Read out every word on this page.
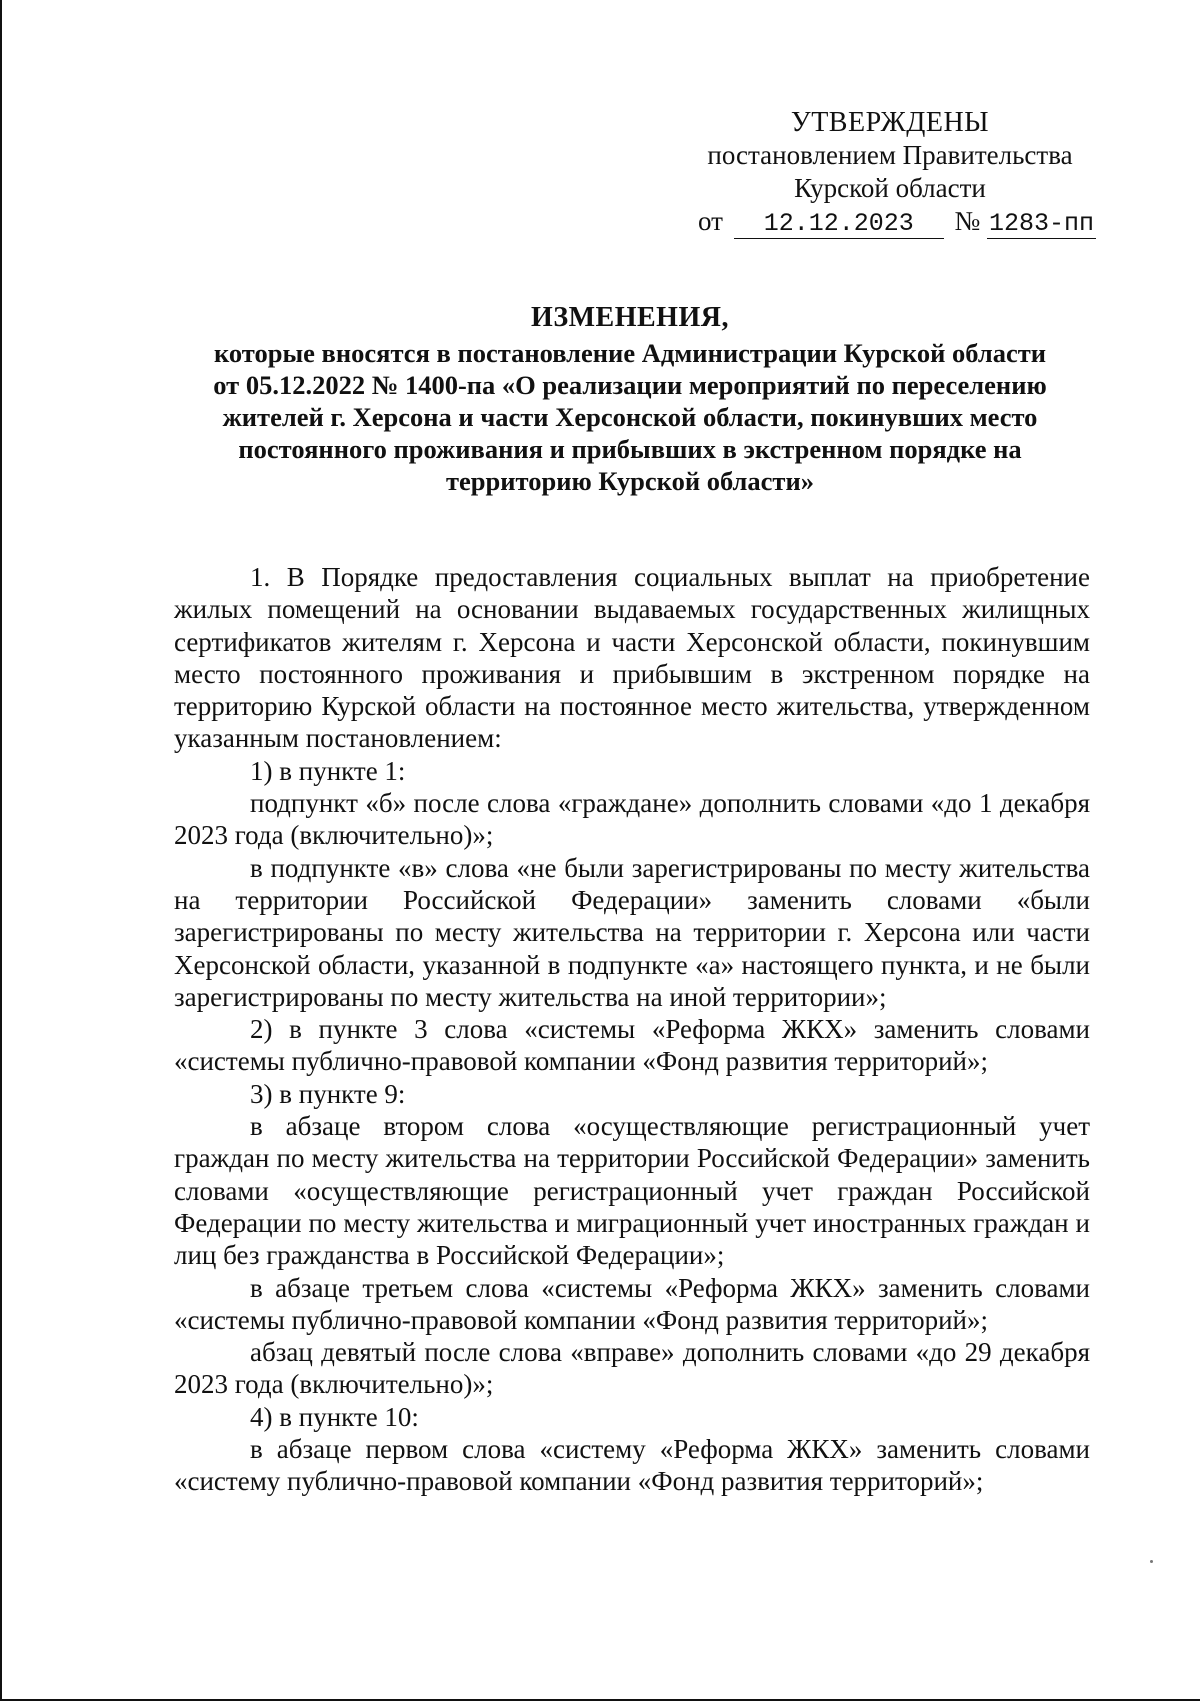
УТВЕРЖДЕНЫ
постановлением Правительства
Курской области
от 12.12.2023 № 1283-пп
ИЗМЕНЕНИЯ,
которые вносятся в постановление Администрации Курской области
от 05.12.2022 № 1400-па «О реализации мероприятий по переселению
жителей г. Херсона и части Херсонской области, покинувших место
постоянного проживания и прибывших в экстренном порядке на
территорию Курской области»

1. В Порядке предоставления социальных выплат на приобретение жилых помещений на основании выдаваемых государственных жилищных сертификатов жителям г. Херсона и части Херсонской области, покинувшим место постоянного проживания и прибывшим в экстренном порядке на территорию Курской области на постоянное место жительства, утвержденном указанным постановлением:

1) в пункте 1:

подпункт «б» после слова «граждане» дополнить словами «до 1 декабря 2023 года (включительно)»;

в подпункте «в» слова «не были зарегистрированы по месту жительства на территории Российской Федерации» заменить словами «были зарегистрированы по месту жительства на территории г. Херсона или части Херсонской области, указанной в подпункте «а» настоящего пункта, и не были зарегистрированы по месту жительства на иной территории»;

2) в пункте 3 слова «системы «Реформа ЖКХ» заменить словами «системы публично-правовой компании «Фонд развития территорий»;

3) в пункте 9:

в абзаце втором слова «осуществляющие регистрационный учет граждан по месту жительства на территории Российской Федерации» заменить словами «осуществляющие регистрационный учет граждан Российской Федерации по месту жительства и миграционный учет иностранных граждан и лиц без гражданства в Российской Федерации»;

в абзаце третьем слова «системы «Реформа ЖКХ» заменить словами «системы публично-правовой компании «Фонд развития территорий»;

абзац девятый после слова «вправе» дополнить словами «до 29 декабря 2023 года (включительно)»;

4) в пункте 10:

в абзаце первом слова «систему «Реформа ЖКХ» заменить словами «систему публично-правовой компании «Фонд развития территорий»;
